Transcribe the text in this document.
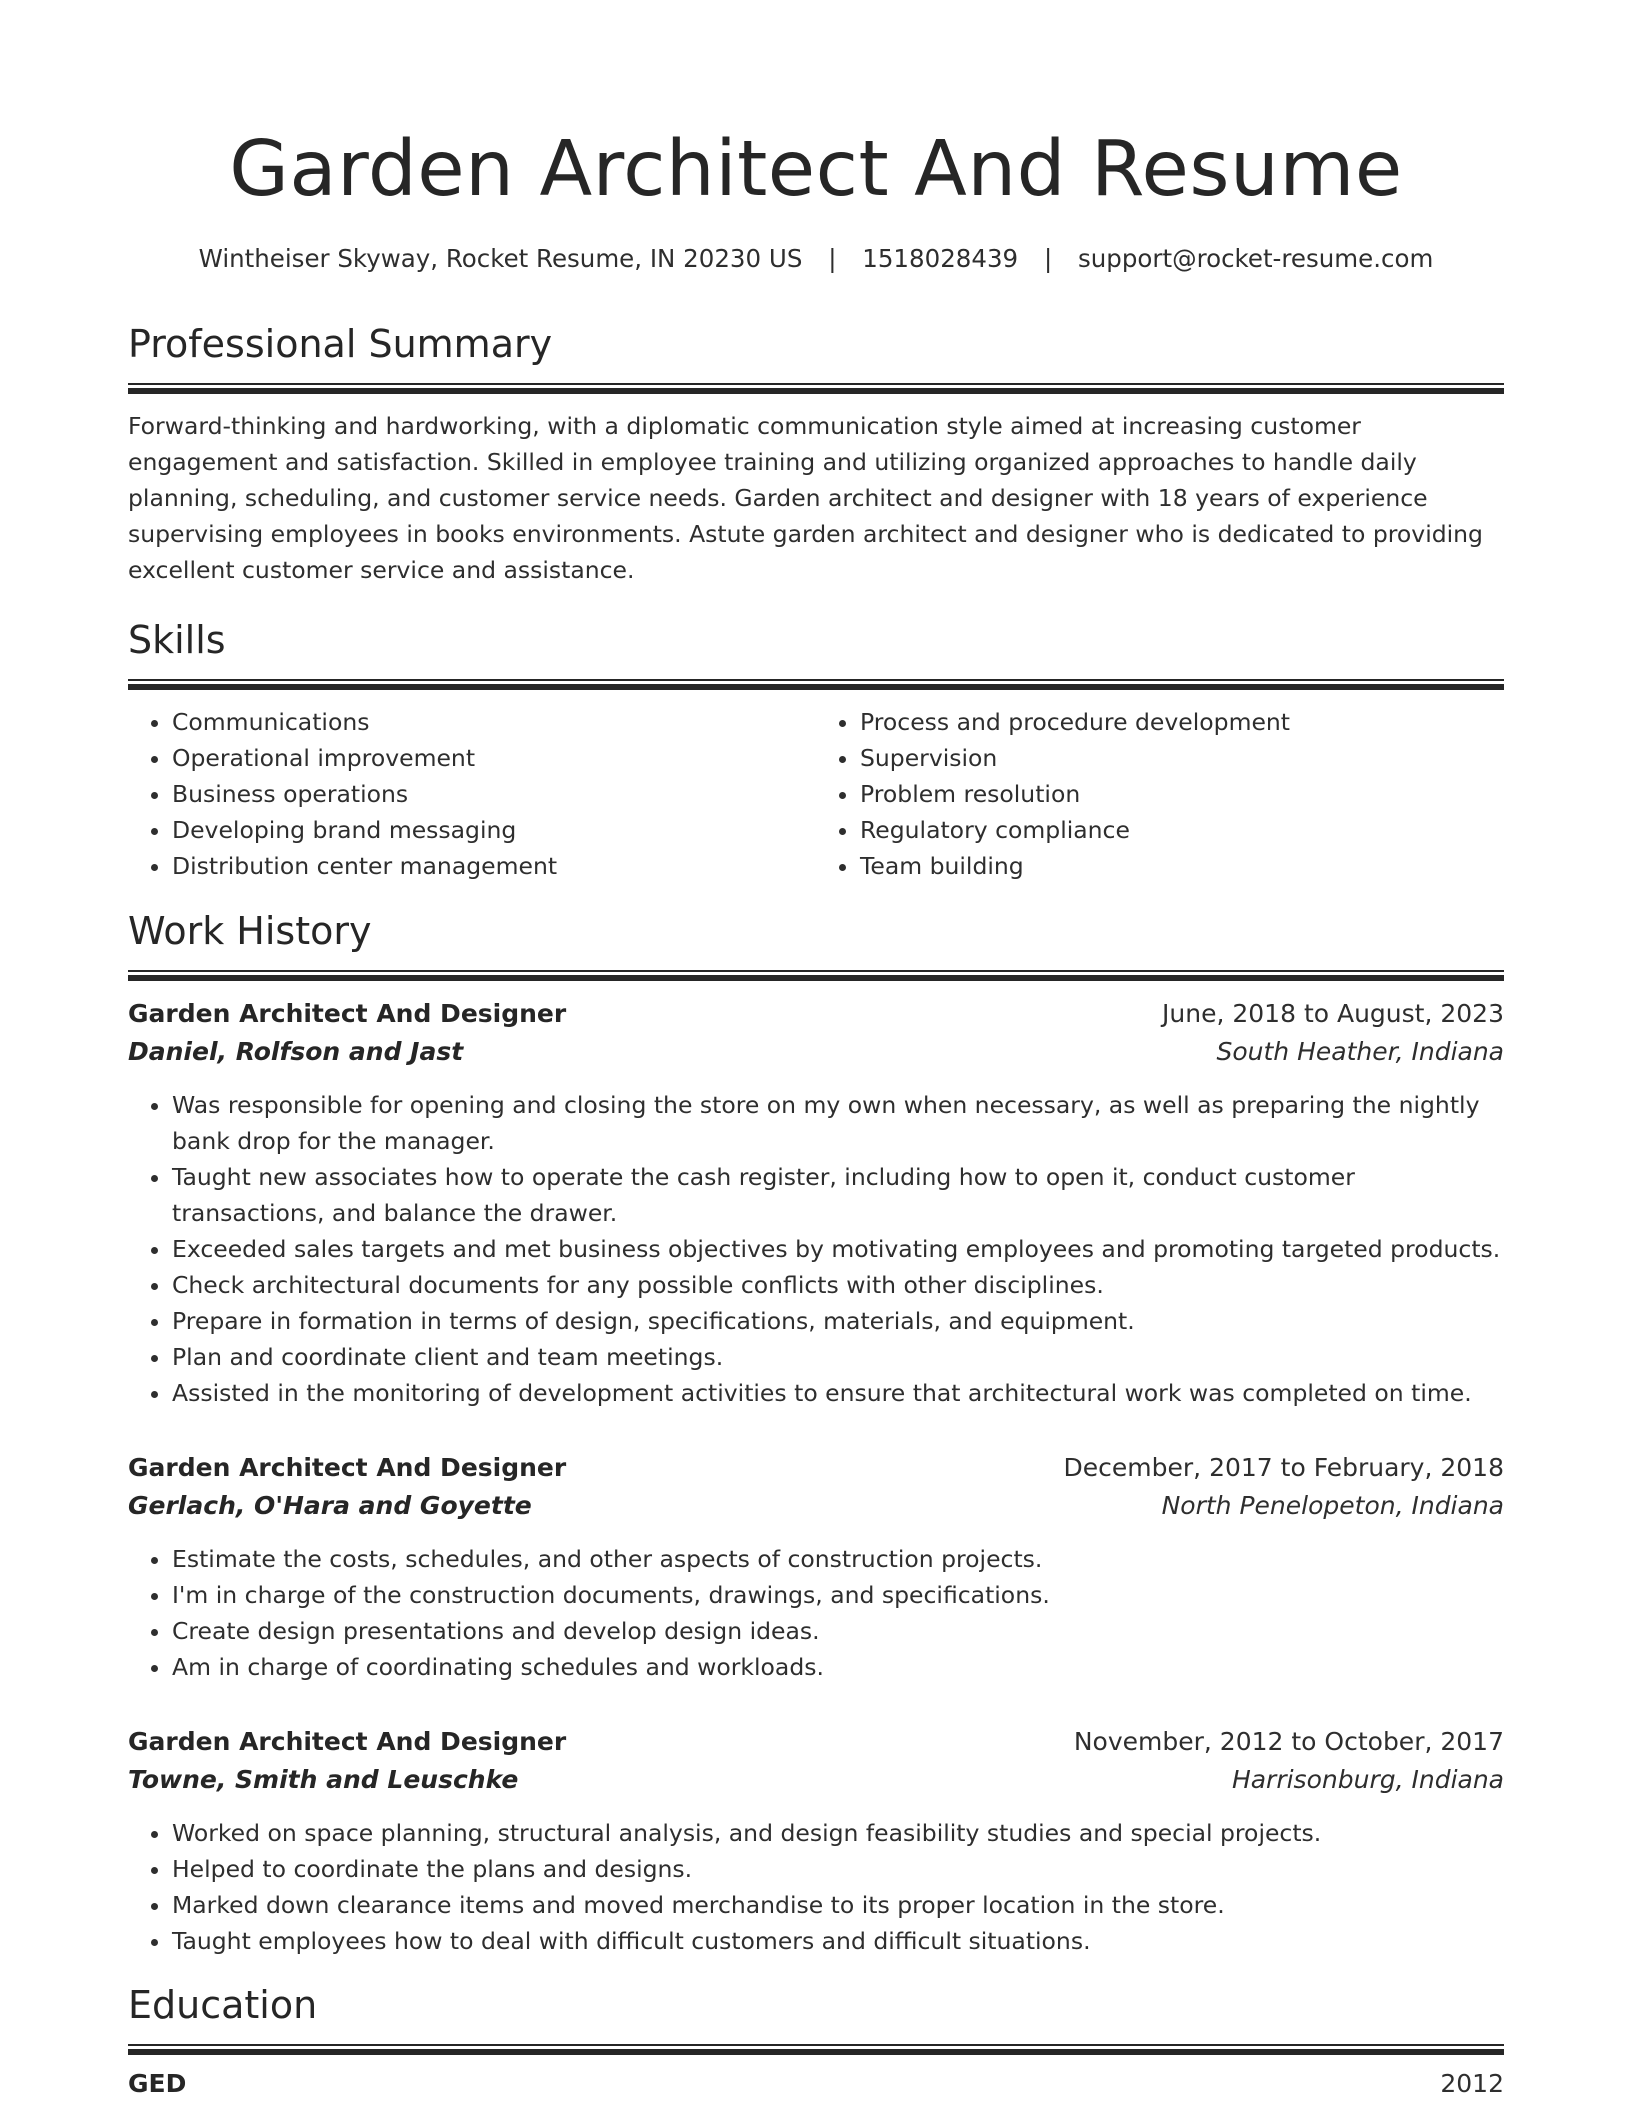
Garden Architect And Resume
Wintheiser Skyway, Rocket Resume, IN 20230 US | 1518028439 | support@rocket-resume.com
Professional Summary
Forward-thinking and hardworking, with a diplomatic communication style aimed at increasing customer engagement and satisfaction. Skilled in employee training and utilizing organized approaches to handle daily planning, scheduling, and customer service needs. Garden architect and designer with 18 years of experience supervising employees in books environments. Astute garden architect and designer who is dedicated to providing excellent customer service and assistance.
Skills
• Communications
• Operational improvement
• Business operations
• Developing brand messaging
• Distribution center management
• Process and procedure development
• Supervision
• Problem resolution
• Regulatory compliance
• Team building
Work History
Garden Architect And Designer	June, 2018 to August, 2023
Daniel, Rolfson and Jast	South Heather, Indiana
• Was responsible for opening and closing the store on my own when necessary, as well as preparing the nightly bank drop for the manager.
• Taught new associates how to operate the cash register, including how to open it, conduct customer transactions, and balance the drawer.
• Exceeded sales targets and met business objectives by motivating employees and promoting targeted products.
• Check architectural documents for any possible conflicts with other disciplines.
• Prepare in formation in terms of design, specifications, materials, and equipment.
• Plan and coordinate client and team meetings.
• Assisted in the monitoring of development activities to ensure that architectural work was completed on time.
Garden Architect And Designer	December, 2017 to February, 2018
Gerlach, O'Hara and Goyette	North Penelopeton, Indiana
• Estimate the costs, schedules, and other aspects of construction projects.
• I'm in charge of the construction documents, drawings, and specifications.
• Create design presentations and develop design ideas.
• Am in charge of coordinating schedules and workloads.
Garden Architect And Designer	November, 2012 to October, 2017
Towne, Smith and Leuschke	Harrisonburg, Indiana
• Worked on space planning, structural analysis, and design feasibility studies and special projects.
• Helped to coordinate the plans and designs.
• Marked down clearance items and moved merchandise to its proper location in the store.
• Taught employees how to deal with difficult customers and difficult situations.
Education
GED	2012
